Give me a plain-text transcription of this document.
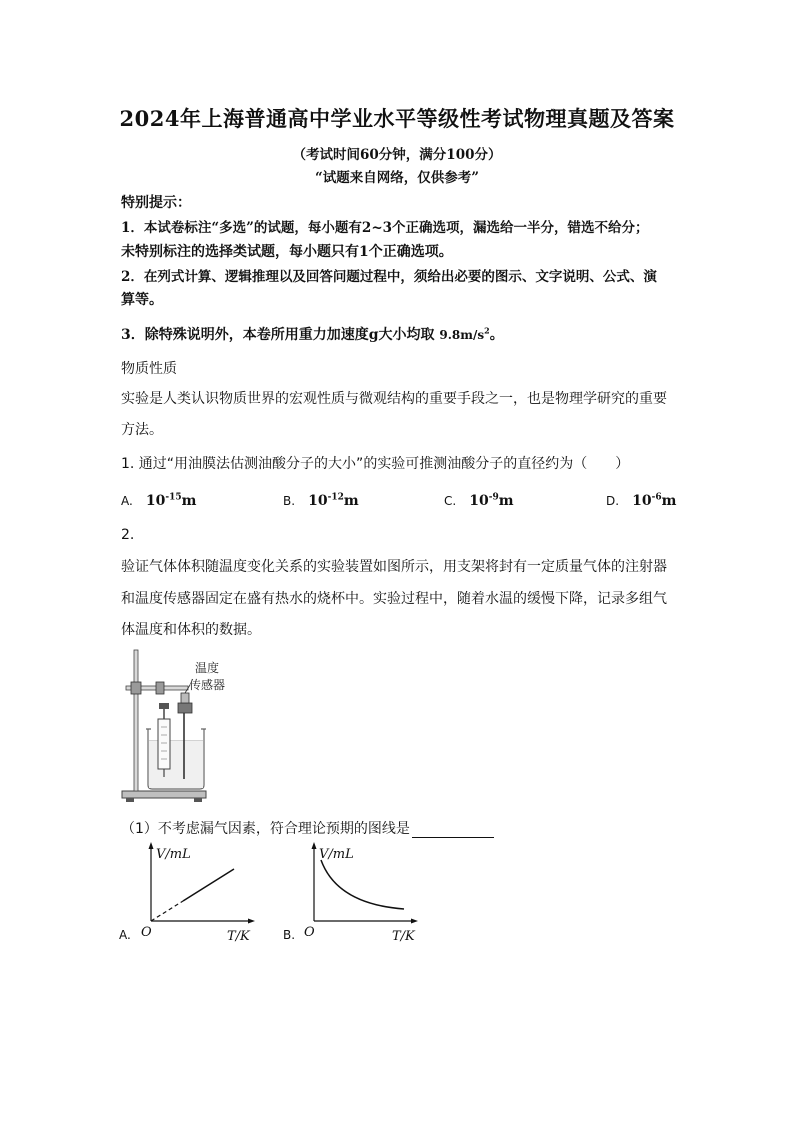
2024年上海普通高中学业水平等级性考试物理真题及答案
（考试时间60分钟，满分100分）
“试题来自网络，仅供参考”
特别提示：
1．本试卷标注“多选”的试题，每小题有2~3个正确选项，漏选给一半分，错选不给分；
未特别标注的选择类试题，每小题只有1个正确选项。
2．在列式计算、逻辑推理以及回答问题过程中，须给出必要的图示、文字说明、公式、演
算等。
3．除特殊说明外，本卷所用重力加速度g大小均取 $9.8m/s^2$。
物质性质
实验是人类认识物质世界的宏观性质与微观结构的重要手段之一，也是物理学研究的重要
方法。
1. 通过“用油膜法估测油酸分子的大小”的实验可推测油酸分子的直径约为（　　）
A. $10^{-15}m$	B. $10^{-12}m$	C. $10^{-9}m$	D. $10^{-6}m$
2.
验证气体体积随温度变化关系的实验装置如图所示，用支架将封有一定质量气体的注射器
和温度传感器固定在盛有热水的烧杯中。实验过程中，随着水温的缓慢下降，记录多组气
体温度和体积的数据。
温度
传感器
（1）不考虑漏气因素，符合理论预期的图线是
A.
V/mL
O	T/K	B.
V/mL
O	T/K
